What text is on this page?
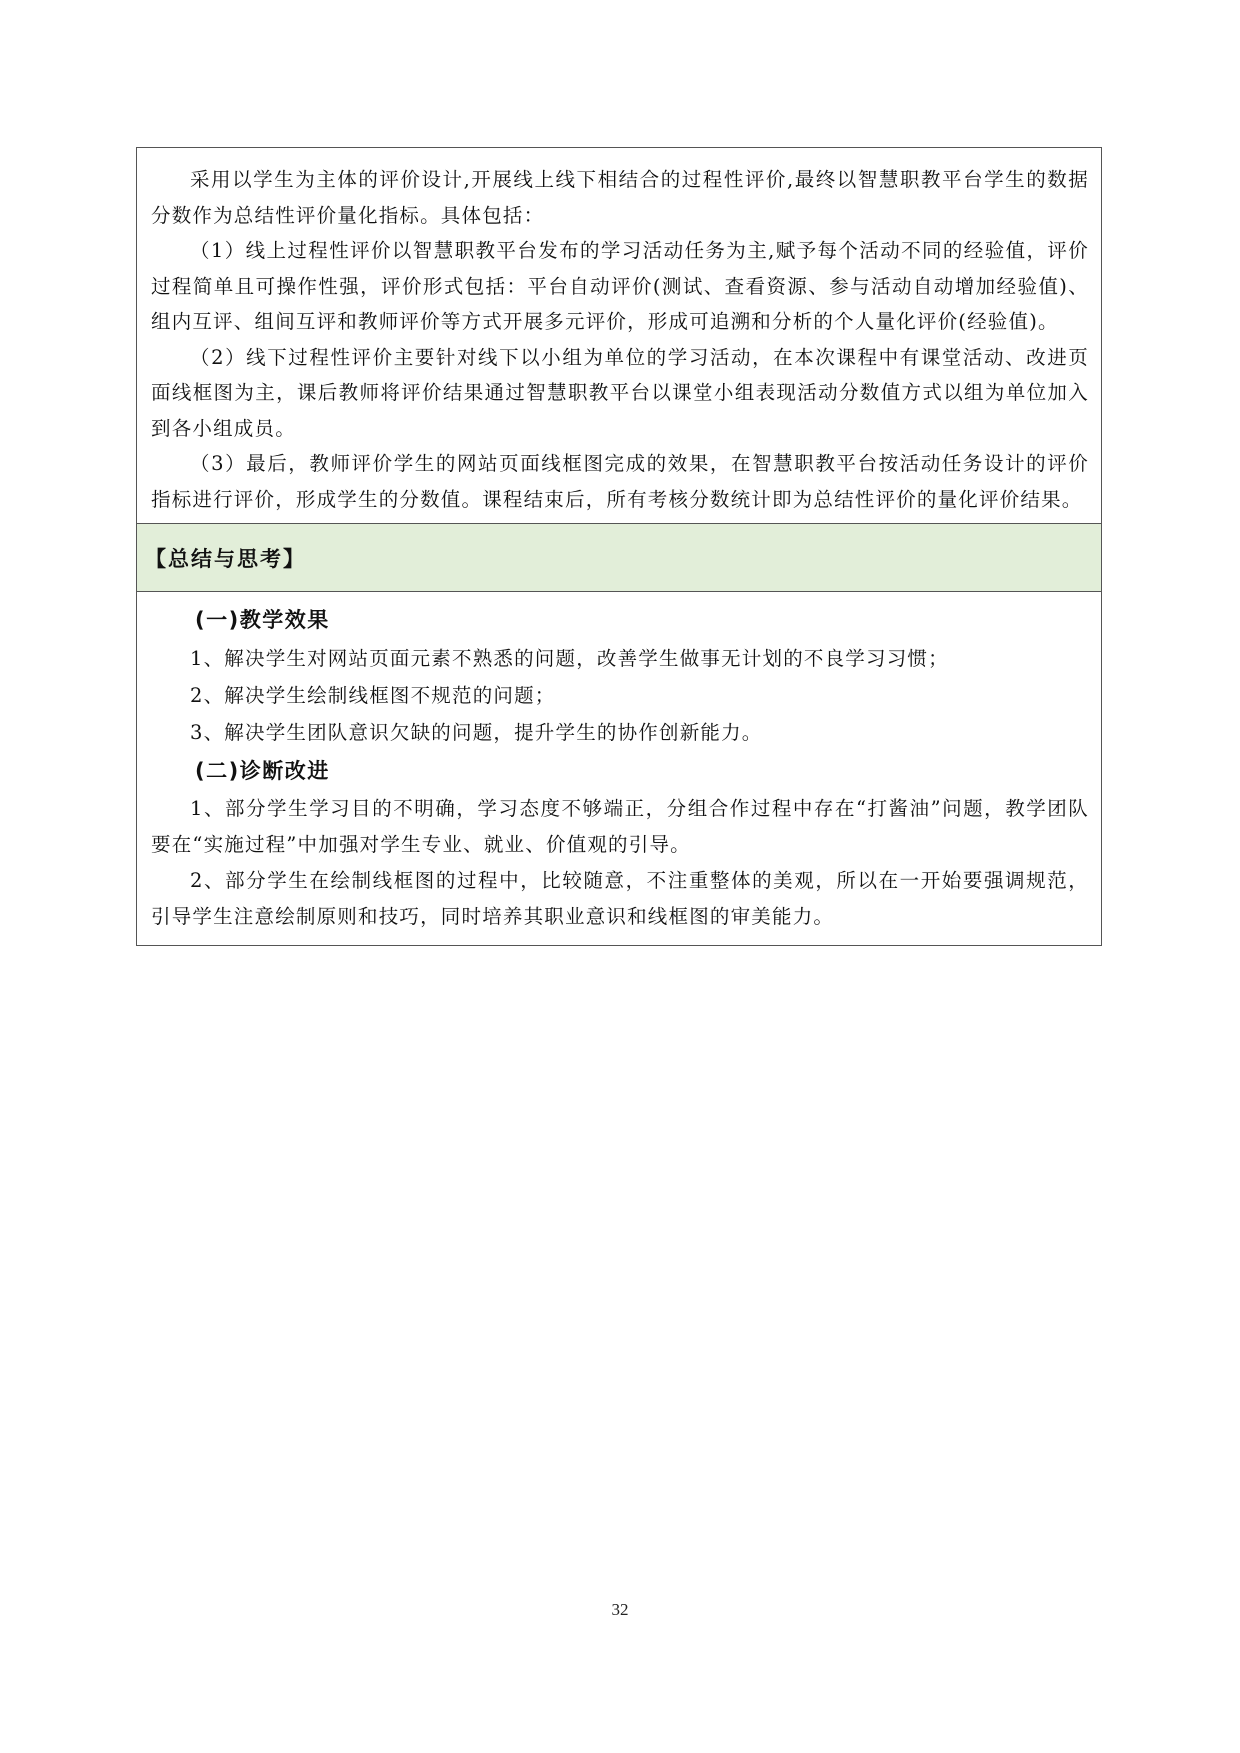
采用以学生为主体的评价设计,开展线上线下相结合的过程性评价,最终以智慧职教平台学生的数据分数作为总结性评价量化指标。具体包括：

（1）线上过程性评价以智慧职教平台发布的学习活动任务为主,赋予每个活动不同的经验值，评价过程简单且可操作性强，评价形式包括：平台自动评价(测试、查看资源、参与活动自动增加经验值)、组内互评、组间互评和教师评价等方式开展多元评价，形成可追溯和分析的个人量化评价(经验值)。

（2）线下过程性评价主要针对线下以小组为单位的学习活动，在本次课程中有课堂活动、改进页面线框图为主，课后教师将评价结果通过智慧职教平台以课堂小组表现活动分数值方式以组为单位加入到各小组成员。

（3）最后，教师评价学生的网站页面线框图完成的效果，在智慧职教平台按活动任务设计的评价指标进行评价，形成学生的分数值。课程结束后，所有考核分数统计即为总结性评价的量化评价结果。

【总结与思考】

(一)教学效果

1、解决学生对网站页面元素不熟悉的问题，改善学生做事无计划的不良学习习惯；

2、解决学生绘制线框图不规范的问题；

3、解决学生团队意识欠缺的问题，提升学生的协作创新能力。

(二)诊断改进

1、部分学生学习目的不明确，学习态度不够端正，分组合作过程中存在“打酱油”问题，教学团队要在“实施过程”中加强对学生专业、就业、价值观的引导。

2、部分学生在绘制线框图的过程中，比较随意，不注重整体的美观，所以在一开始要强调规范，引导学生注意绘制原则和技巧，同时培养其职业意识和线框图的审美能力。

32
